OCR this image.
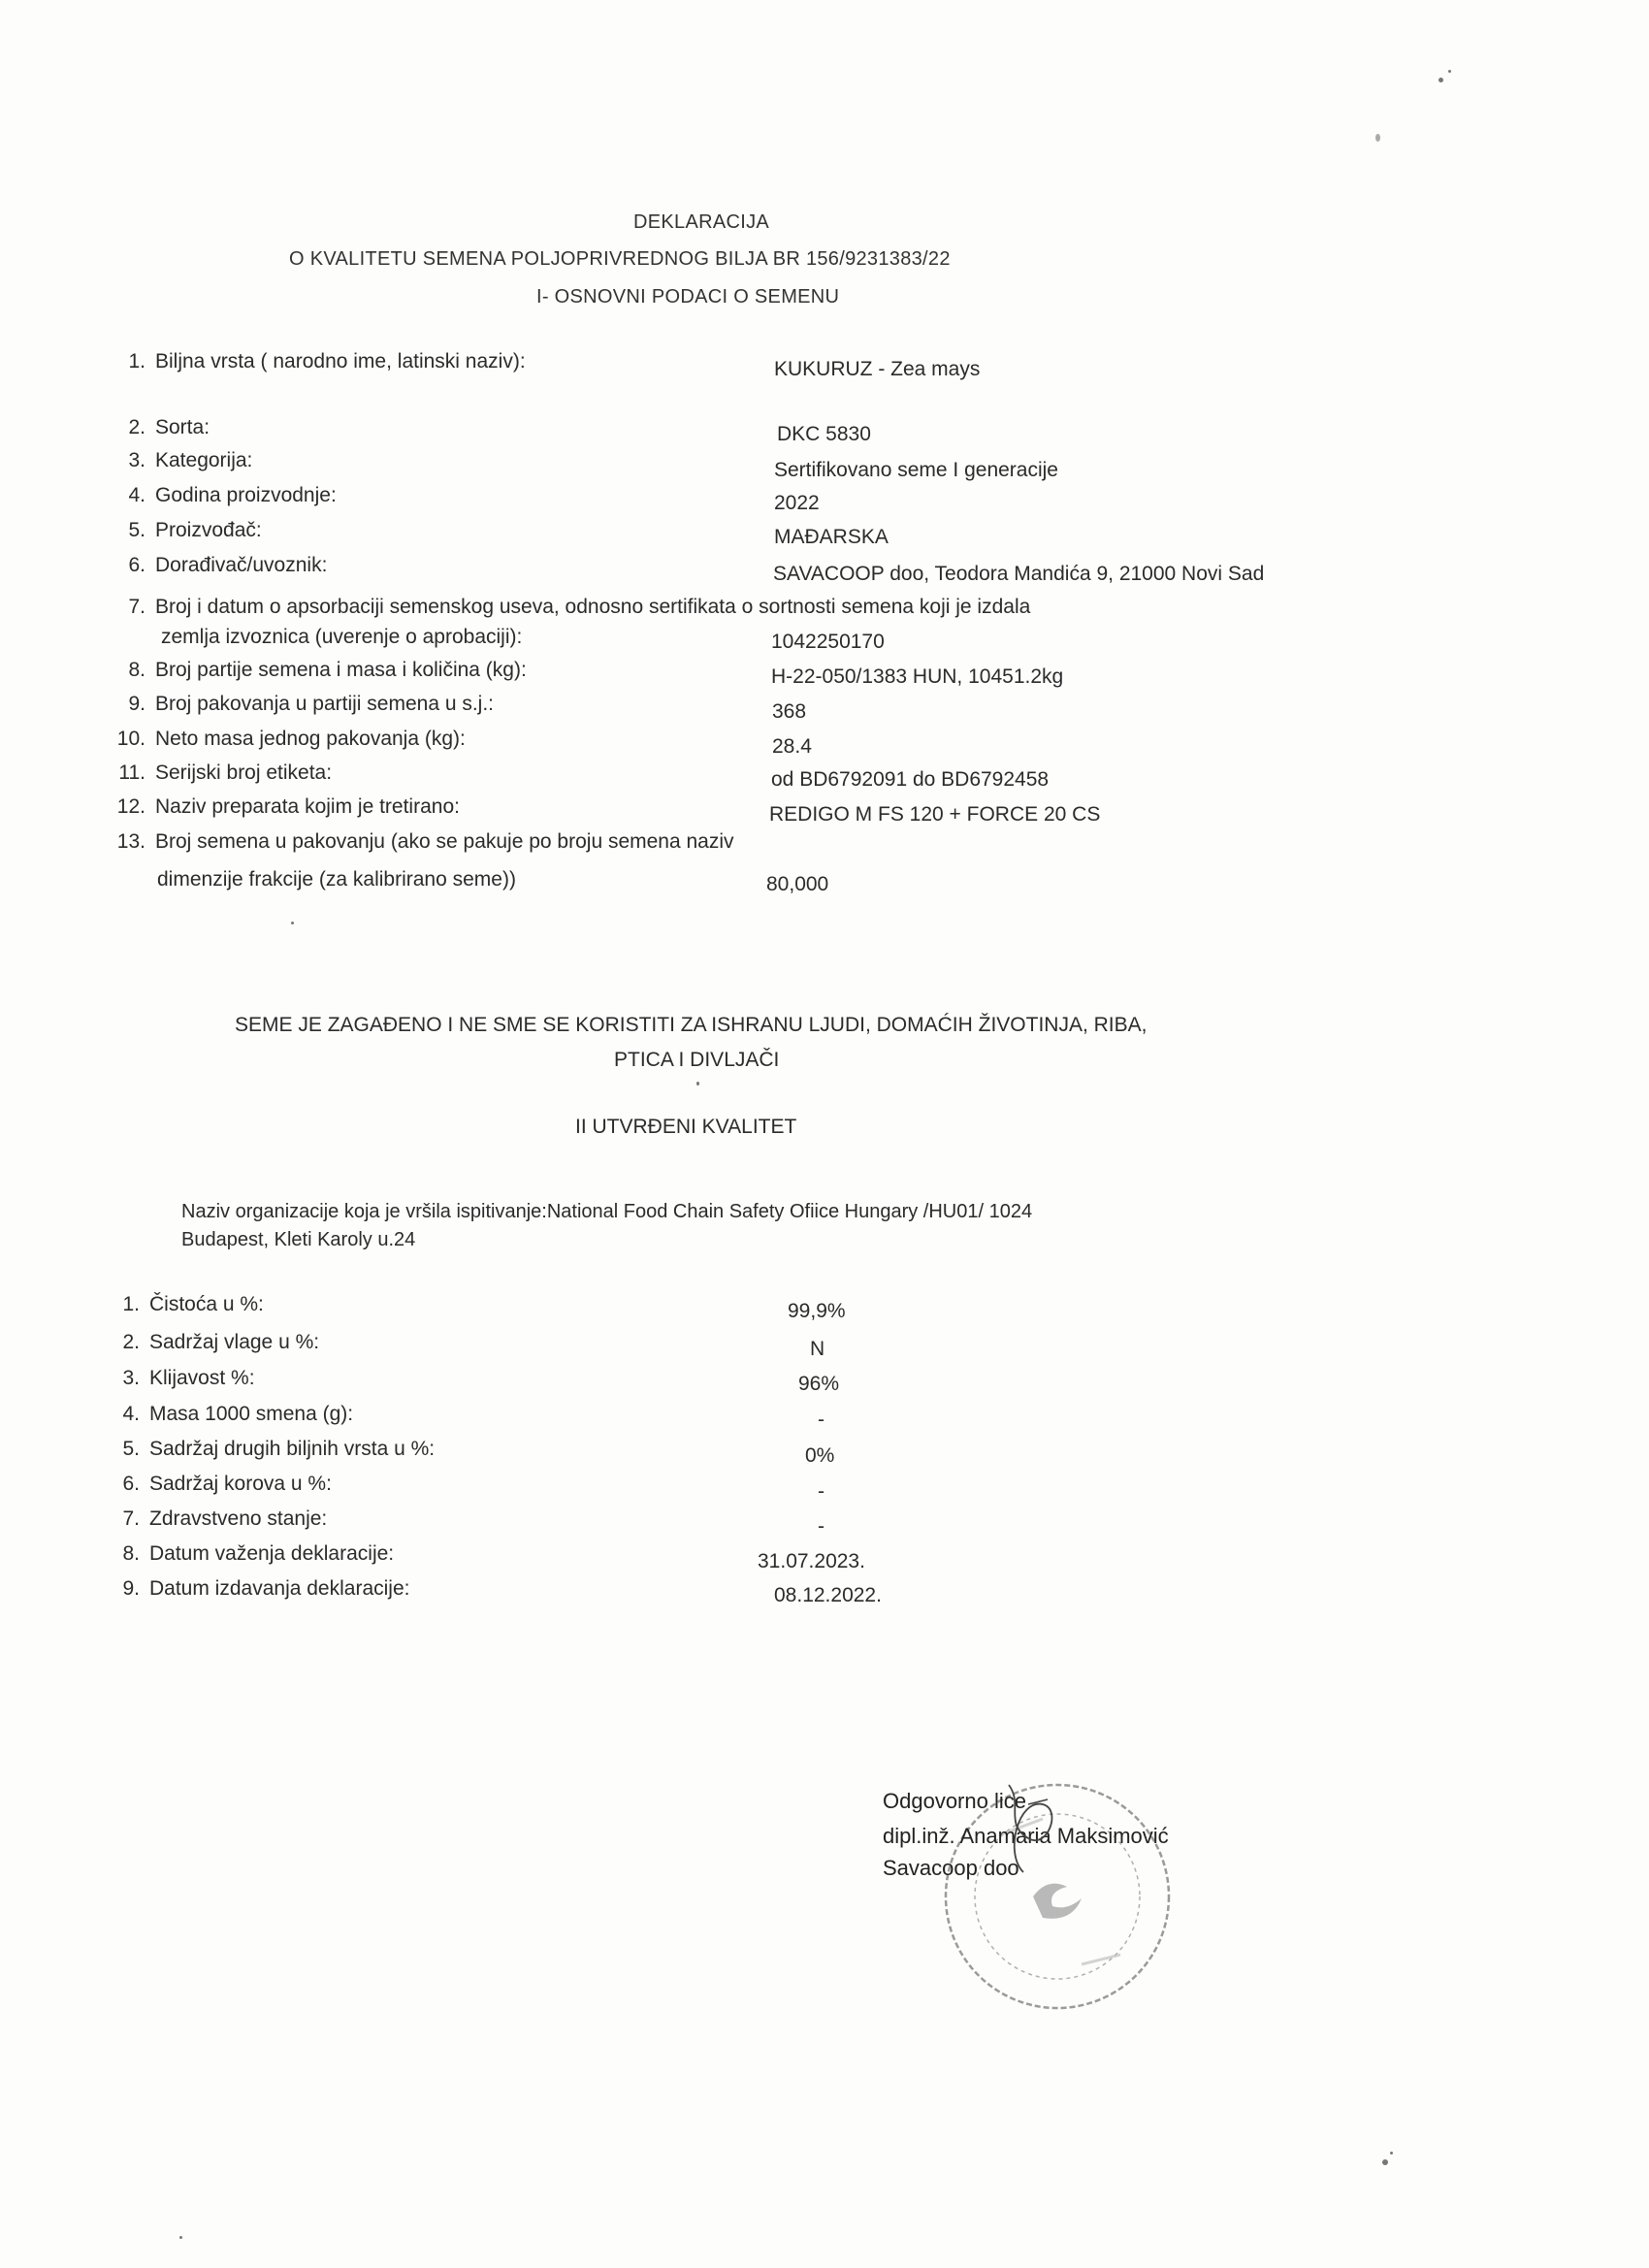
DEKLARACIJA
O KVALITETU SEMENA POLJOPRIVREDNOG BILJA BR 156/9231383/22
I- OSNOVNI PODACI O SEMENU
1. Biljna vrsta ( narodno ime, latinski naziv):	KUKURUZ - Zea mays
2. Sorta:	DKC 5830
3. Kategorija:	Sertifikovano seme I generacije
4. Godina proizvodnje:	2022
5. Proizvođač:	MAĐARSKA
6. Dorađivač/uvoznik:	SAVACOOP doo, Teodora Mandića 9, 21000 Novi Sad
7. Broj i datum o apsorbaciji semenskog useva, odnosno sertifikata o sortnosti semena koji je izdala
zemlja izvoznica (uverenje o aprobaciji):	1042250170
8. Broj partije semena i masa i količina (kg):	H-22-050/1383 HUN, 10451.2kg
9. Broj pakovanja u partiji semena u s.j.:	368
10. Neto masa jednog pakovanja (kg):	28.4
11. Serijski broj etiketa:	od BD6792091 do BD6792458
12. Naziv preparata kojim je tretirano:	REDIGO M FS 120 + FORCE 20 CS
13. Broj semena u pakovanju (ako se pakuje po broju semena naziv
dimenzije frakcije (za kalibrirano seme))	80,000
SEME JE ZAGAĐENO I NE SME SE KORISTITI ZA ISHRANU LJUDI, DOMAĆIH ŽIVOTINJA, RIBA,
PTICA I DIVLJAČI
II UTVRĐENI KVALITET
Naziv organizacije koja je vršila ispitivanje:National Food Chain Safety Ofiice Hungary /HU01/ 1024
Budapest, Kleti Karoly u.24
1. Čistoća u %:	99,9%
2. Sadržaj vlage u %:	N
3. Klijavost %:	96%
4. Masa 1000 smena (g):	-
5. Sadržaj drugih biljnih vrsta u %:	0%
6. Sadržaj korova u %:	-
7. Zdravstveno stanje:	-
8. Datum važenja deklaracije:	31.07.2023.
9. Datum izdavanja deklaracije:	08.12.2022.
Odgovorno lice
dipl.inž. Anamaria Maksimović
Savacoop doo
